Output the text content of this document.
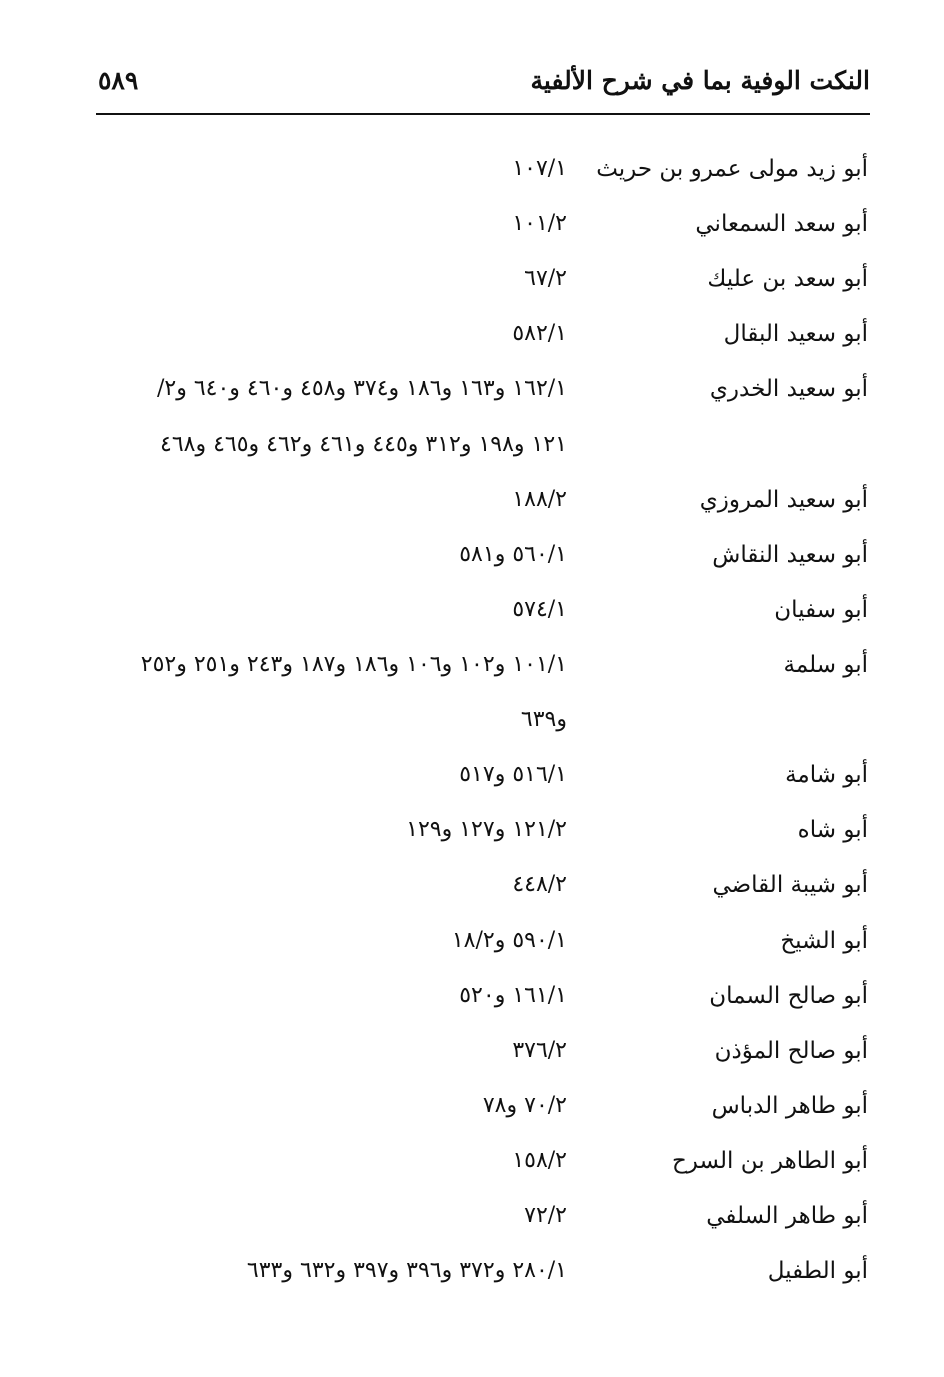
النكت الوفية بما في شرح الألفية
٥٨٩
أبو زيد مولى عمرو بن حريث
١٠٧/١
أبو سعد السمعاني
١٠١/٢
أبو سعد بن عليك
٦٧/٢
أبو سعيد البقال
٥٨٢/١
أبو سعيد الخدري
١٦٢/١ و١٦٣ و١٨٦ و٣٧٤ و٤٥٨ و٤٦٠ و٦٤٠ و٢/
١٢١ و١٩٨ و٣١٢ و٤٤٥ و٤٦١ و٤٦٢ و٤٦٥ و٤٦٨
أبو سعيد المروزي
١٨٨/٢
أبو سعيد النقاش
٥٦٠/١ و٥٨١
أبو سفيان
٥٧٤/١
أبو سلمة
١٠١/١ و١٠٢ و١٠٦ و١٨٦ و١٨٧ و٢٤٣ و٢٥١ و٢٥٢
و٦٣٩
أبو شامة
٥١٦/١ و٥١٧
أبو شاه
١٢١/٢ و١٢٧ و١٢٩
أبو شيبة القاضي
٤٤٨/٢
أبو الشيخ
٥٩٠/١ و١٨/٢
أبو صالح السمان
١٦١/١ و٥٢٠
أبو صالح المؤذن
٣٧٦/٢
أبو طاهر الدباس
٧٠/٢ و٧٨
أبو الطاهر بن السرح
١٥٨/٢
أبو طاهر السلفي
٧٢/٢
أبو الطفيل
٢٨٠/١ و٣٧٢ و٣٩٦ و٣٩٧ و٦٣٢ و٦٣٣
